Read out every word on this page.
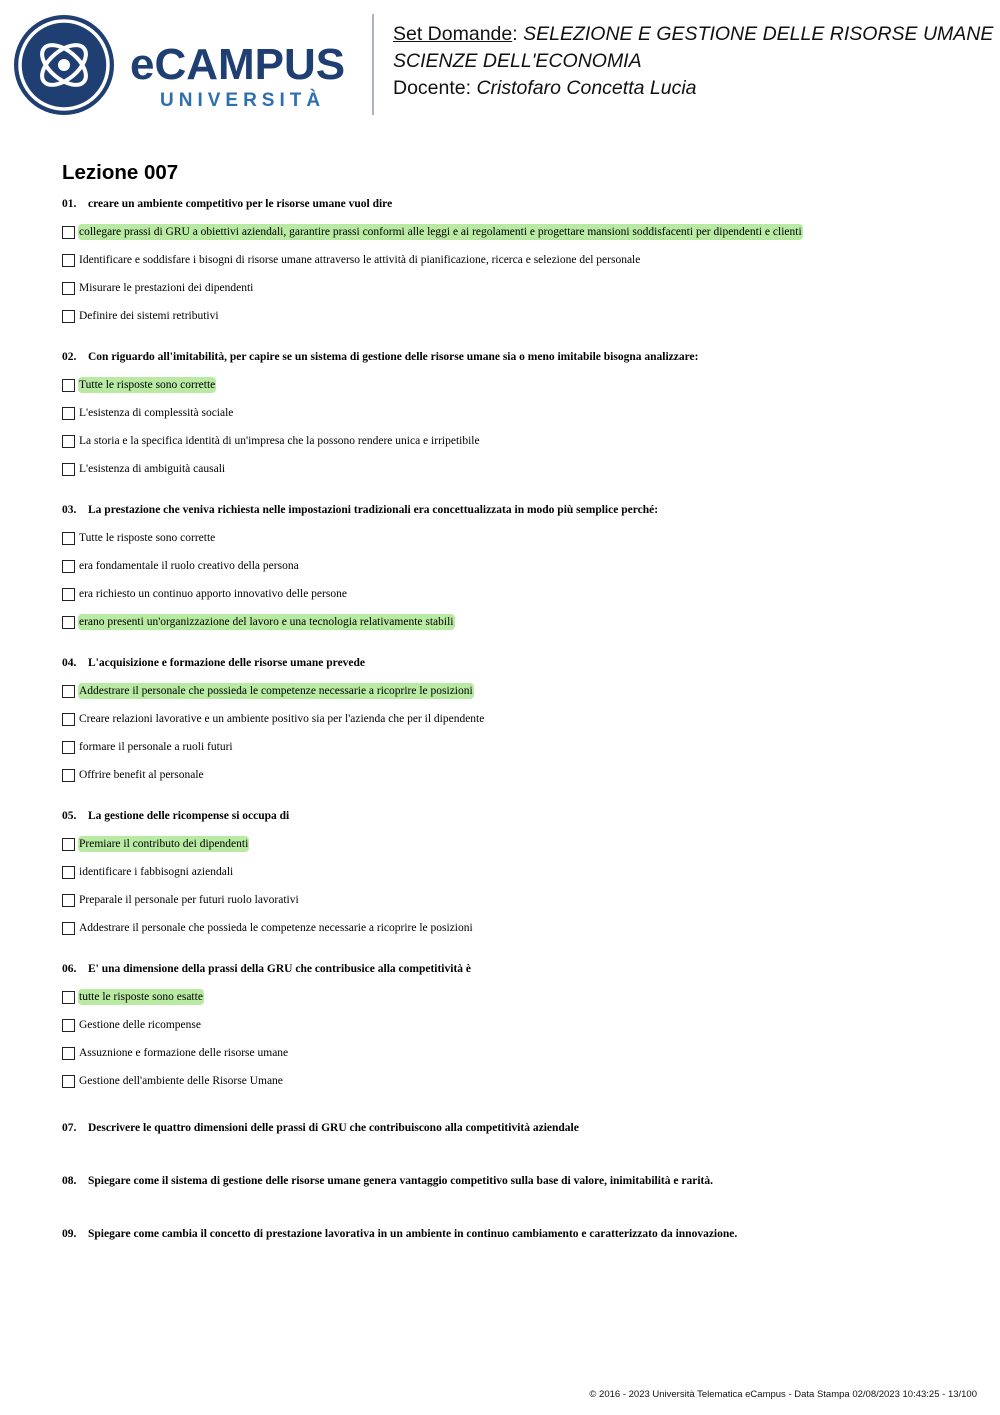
eCAMPUS
UNIVERSITÀ
Set Domande: SELEZIONE E GESTIONE DELLE RISORSE UMANE
SCIENZE DELL'ECONOMIA
Docente: Cristofaro Concetta Lucia
Lezione 007
01. creare un ambiente competitivo per le risorse umane vuol dire
collegare prassi di GRU a obiettivi aziendali, garantire prassi conformi alle leggi e ai regolamenti e progettare mansioni soddisfacenti per dipendenti e clienti
Identificare e soddisfare i bisogni di risorse umane attraverso le attività di pianificazione, ricerca e selezione del personale
Misurare le prestazioni dei dipendenti
Definire dei sistemi retributivi
02. Con riguardo all'imitabilità, per capire se un sistema di gestione delle risorse umane sia o meno imitabile bisogna analizzare:
Tutte le risposte sono corrette
L'esistenza di complessità sociale
La storia e la specifica identità di un'impresa che la possono rendere unica e irripetibile
L'esistenza di ambiguità causali
03. La prestazione che veniva richiesta nelle impostazioni tradizionali era concettualizzata in modo più semplice perché:
Tutte le risposte sono corrette
era fondamentale il ruolo creativo della persona
era richiesto un continuo apporto innovativo delle persone
erano presenti un'organizzazione del lavoro e una tecnologia relativamente stabili
04. L'acquisizione e formazione delle risorse umane prevede
Addestrare il personale che possieda le competenze necessarie a ricoprire le posizioni
Creare relazioni lavorative e un ambiente positivo sia per l'azienda che per il dipendente
formare il personale a ruoli futuri
Offrire benefit al personale
05. La gestione delle ricompense si occupa di
Premiare il contributo dei dipendenti
identificare i fabbisogni aziendali
Preparale il personale per futuri ruolo lavorativi
Addestrare il personale che possieda le competenze necessarie a ricoprire le posizioni
06. E' una dimensione della prassi della GRU che contribusice alla competitività è
tutte le risposte sono esatte
Gestione delle ricompense
Assuznione e formazione delle risorse umane
Gestione dell'ambiente delle Risorse Umane
07. Descrivere le quattro dimensioni delle prassi di GRU che contribuiscono alla competitività aziendale
08. Spiegare come il sistema di gestione delle risorse umane genera vantaggio competitivo sulla base di valore, inimitabilità e rarità.
09. Spiegare come cambia il concetto di prestazione lavorativa in un ambiente in continuo cambiamento e caratterizzato da innovazione.
© 2016 - 2023 Università Telematica eCampus - Data Stampa 02/08/2023 10:43:25 - 13/100
